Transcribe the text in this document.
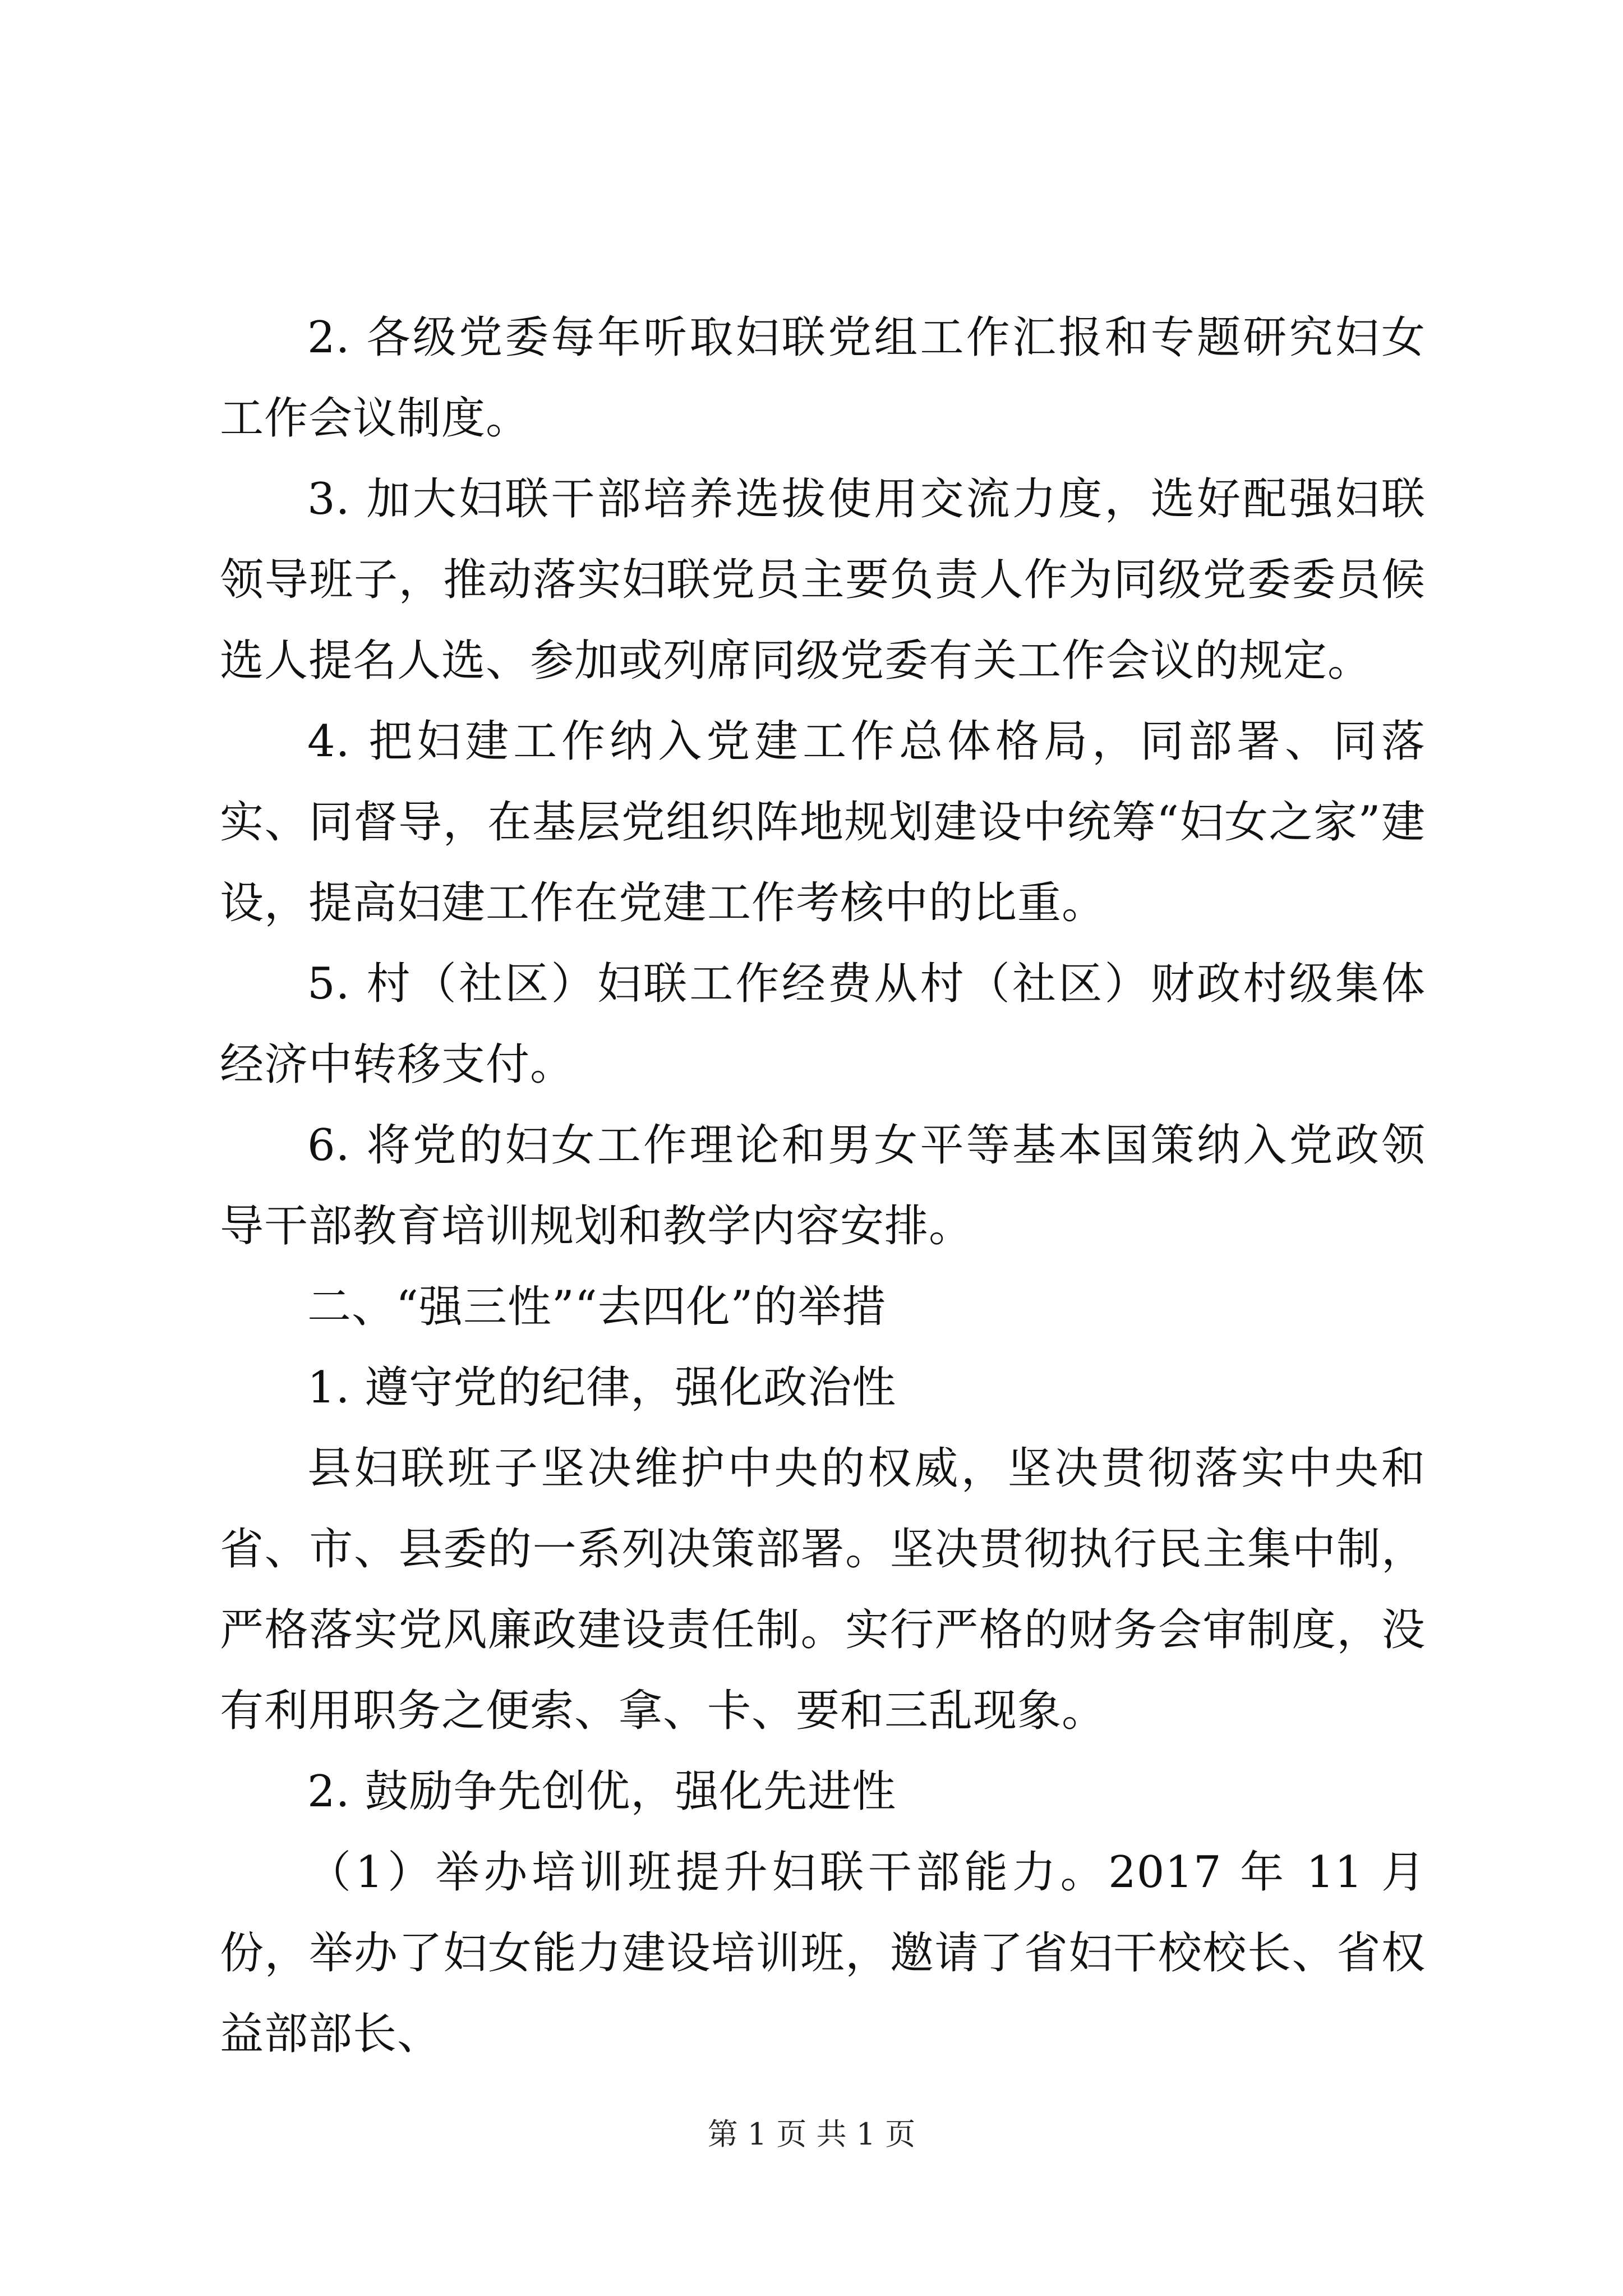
2. 各级党委每年听取妇联党组工作汇报和专题研究妇女工作会议制度。

3. 加大妇联干部培养选拔使用交流力度，选好配强妇联领导班子，推动落实妇联党员主要负责人作为同级党委委员候选人提名人选、参加或列席同级党委有关工作会议的规定。

4. 把妇建工作纳入党建工作总体格局，同部署、同落实、同督导，在基层党组织阵地规划建设中统筹“妇女之家”建设，提高妇建工作在党建工作考核中的比重。

5. 村（社区）妇联工作经费从村（社区）财政村级集体经济中转移支付。

6. 将党的妇女工作理论和男女平等基本国策纳入党政领导干部教育培训规划和教学内容安排。

二、“强三性”“去四化”的举措

1. 遵守党的纪律，强化政治性

县妇联班子坚决维护中央的权威，坚决贯彻落实中央和省、市、县委的一系列决策部署。坚决贯彻执行民主集中制，严格落实党风廉政建设责任制。实行严格的财务会审制度，没有利用职务之便索、拿、卡、要和三乱现象。

2. 鼓励争先创优，强化先进性

（1）举办培训班提升妇联干部能力。2017 年 11 月份，举办了妇女能力建设培训班，邀请了省妇干校校长、省权益部部长、

第 1 页 共 1 页
